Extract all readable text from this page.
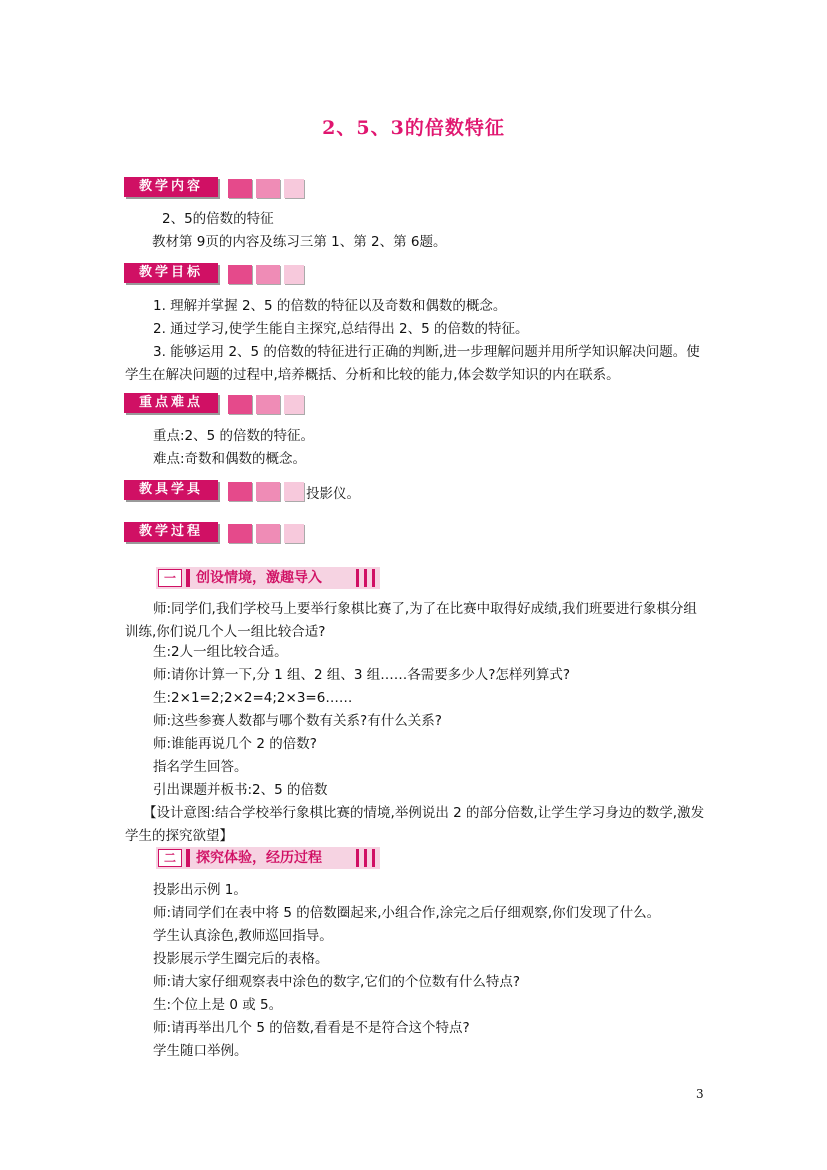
2、5、3的倍数特征
教学内容
2、5的倍数的特征
教材第 9页的内容及练习三第 1、第 2、第 6题。
教学目标
1. 理解并掌握 2、5 的倍数的特征以及奇数和偶数的概念。
2. 通过学习,使学生能自主探究,总结得出 2、5 的倍数的特征。
3. 能够运用 2、5 的倍数的特征进行正确的判断,进一步理解问题并用所学知识解决问题。使学生在解决问题的过程中,培养概括、分析和比较的能力,体会数学知识的内在联系。
重点难点
重点:2、5 的倍数的特征。
难点:奇数和偶数的概念。
教具学具	投影仪。
教学过程
一	创设情境，激趣导入
师:同学们,我们学校马上要举行象棋比赛了,为了在比赛中取得好成绩,我们班要进行象棋分组训练,你们说几个人一组比较合适?
生:2人一组比较合适。
师:请你计算一下,分 1 组、2 组、3 组……各需要多少人?怎样列算式?
生:2×1=2;2×2=4;2×3=6……
师:这些参赛人数都与哪个数有关系?有什么关系?
师:谁能再说几个 2 的倍数?
指名学生回答。
引出课题并板书:2、5 的倍数
【设计意图:结合学校举行象棋比赛的情境,举例说出 2 的部分倍数,让学生学习身边的数学,激发学生的探究欲望】
二	探究体验，经历过程
投影出示例 1。
师:请同学们在表中将 5 的倍数圈起来,小组合作,涂完之后仔细观察,你们发现了什么。
学生认真涂色,教师巡回指导。
投影展示学生圈完后的表格。
师:请大家仔细观察表中涂色的数字,它们的个位数有什么特点?
生:个位上是 0 或 5。
师:请再举出几个 5 的倍数,看看是不是符合这个特点?
学生随口举例。
3
